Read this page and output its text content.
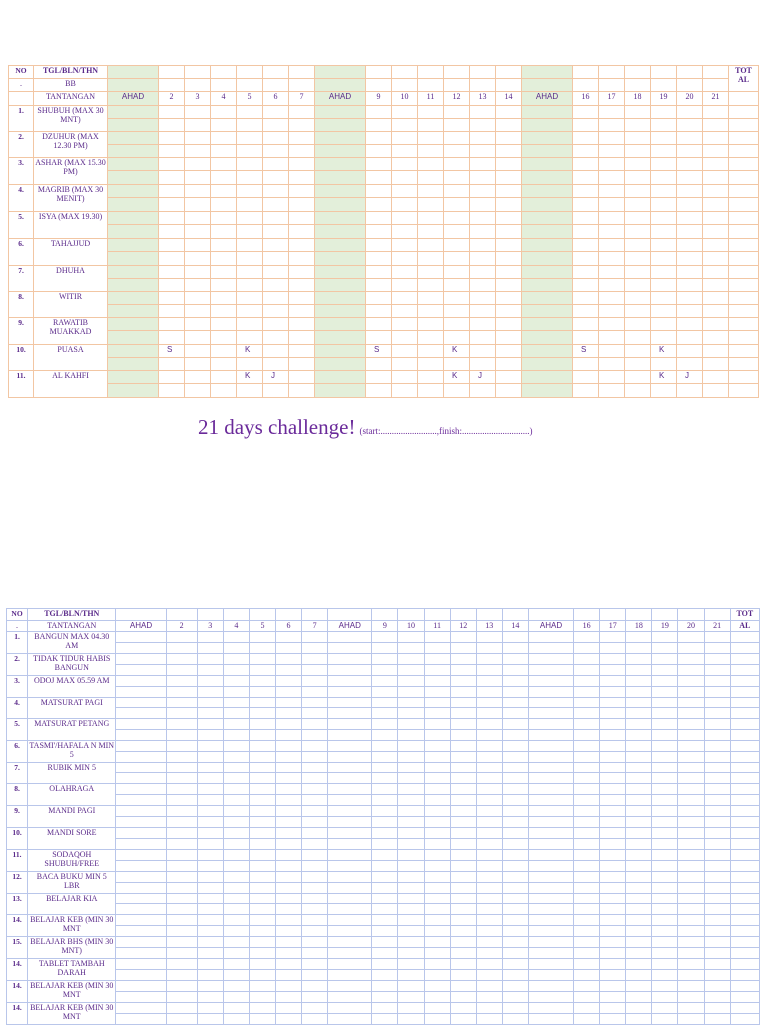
NO	TGL/BLN/THN																						TOT
AL
.	BB																						
	TANTANGAN	AHAD	2	3	4	5	6	7	AHAD	9	10	11	12	13	14	AHAD	16	17	18	19	20	21	
1.	SHUBUH (MAX 30 MNT)																						

2.	DZUHUR (MAX 12.30 PM)																						

3.	ASHAR (MAX 15.30 PM)																						

4.	MAGRIB (MAX 30 MENIT)																						

5.	ISYA (MAX 19.30)																						

6.	TAHAJJUD																						

7.	DHUHA																						

8.	WITIR																						

9.	RAWATIB MUAKKAD																						

10.	PUASA		S			K				S			K				S			K			

11.	AL KAHFI					K	J						K	J						K	J		

21 days challenge! (start:.........................,finish:..............................)
NO	TGL/BLN/THN																						TOT
.	TANTANGAN	AHAD	2	3	4	5	6	7	AHAD	9	10	11	12	13	14	AHAD	16	17	18	19	20	21	AL
1.	BANGUN MAX 04.30 AM																						

2.	TIDAK TIDUR HABIS BANGUN																						

3.	ODOJ MAX 05.59 AM																						

4.	MATSURAT PAGI																						

5.	MATSURAT PETANG																						

6.	TASMI'/HAFALA N MIN 5																						

7.	RUBIK MIN 5																						

8.	OLAHRAGA																						

9.	MANDI PAGI																						

10.	MANDI SORE																						

11.	SODAQOH SHUBUH/FREE																						

12.	BACA BUKU MIN 5 LBR																						

13.	BELAJAR KIA																						

14.	BELAJAR KEB (MIN 30 MNT																						

15.	BELAJAR BHS (MIN 30 MNT)																						

14.	TABLET TAMBAH DARAH																						

14.	BELAJAR KEB (MIN 30 MNT																						

14.	BELAJAR KEB (MIN 30 MNT																						
